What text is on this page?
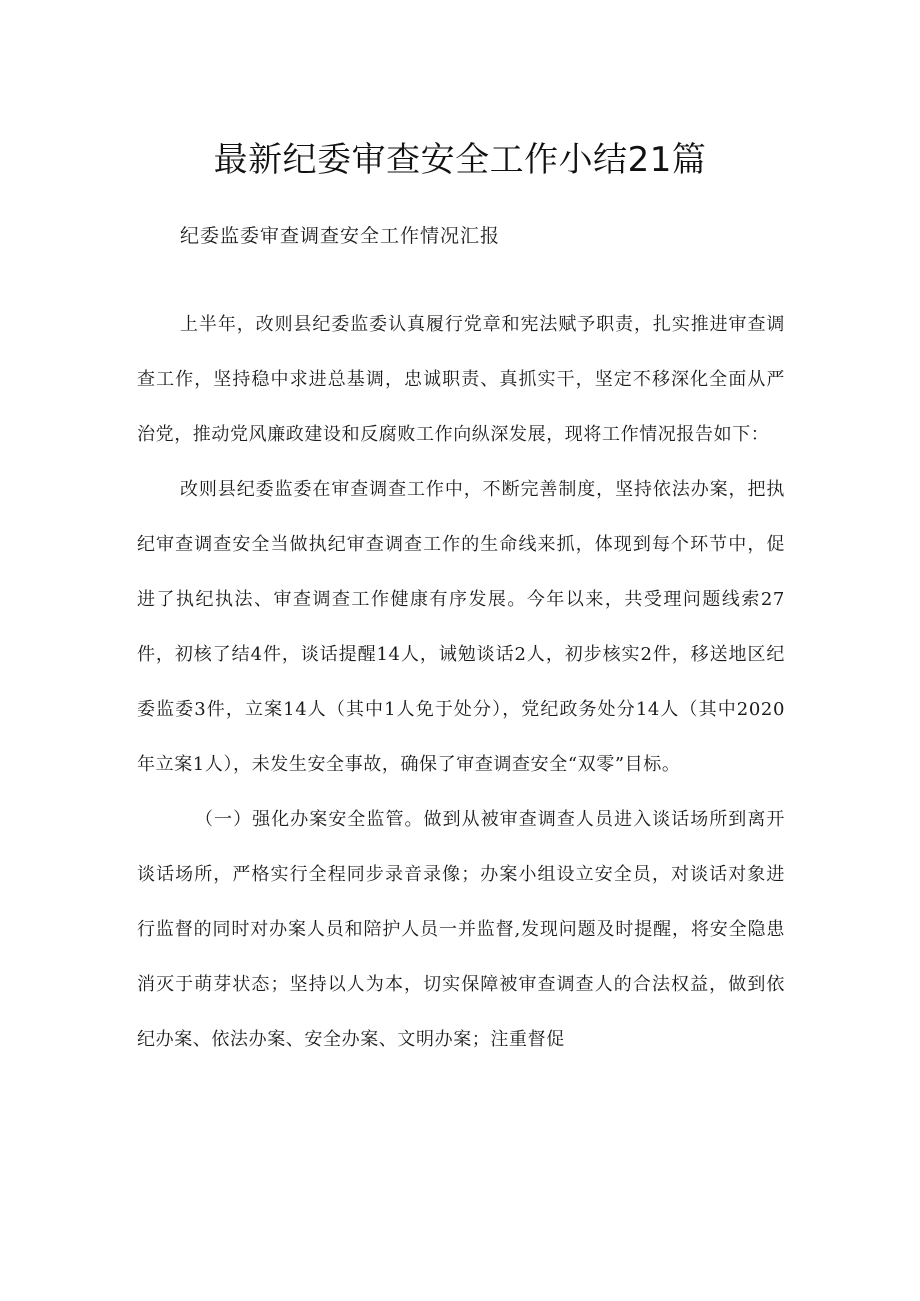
最新纪委审查安全工作小结21篇

纪委监委审查调查安全工作情况汇报

上半年，改则县纪委监委认真履行党章和宪法赋予职责，扎实推进审查调查工作，坚持稳中求进总基调，忠诚职责、真抓实干，坚定不移深化全面从严治党，推动党风廉政建设和反腐败工作向纵深发展，现将工作情况报告如下：

改则县纪委监委在审查调查工作中，不断完善制度，坚持依法办案，把执纪审查调查安全当做执纪审查调查工作的生命线来抓，体现到每个环节中，促进了执纪执法、审查调查工作健康有序发展。今年以来，共受理问题线索27件，初核了结4件，谈话提醒14人，诫勉谈话2人，初步核实2件，移送地区纪委监委3件，立案14人（其中1人免于处分），党纪政务处分14人（其中2020年立案1人），未发生安全事故，确保了审查调查安全“双零”目标。

（一）强化办案安全监管。做到从被审查调查人员进入谈话场所到离开谈话场所，严格实行全程同步录音录像；办案小组设立安全员，对谈话对象进行监督的同时对办案人员和陪护人员一并监督,发现问题及时提醒，将安全隐患消灭于萌芽状态；坚持以人为本，切实保障被审查调查人的合法权益，做到依纪办案、依法办案、安全办案、文明办案；注重督促
